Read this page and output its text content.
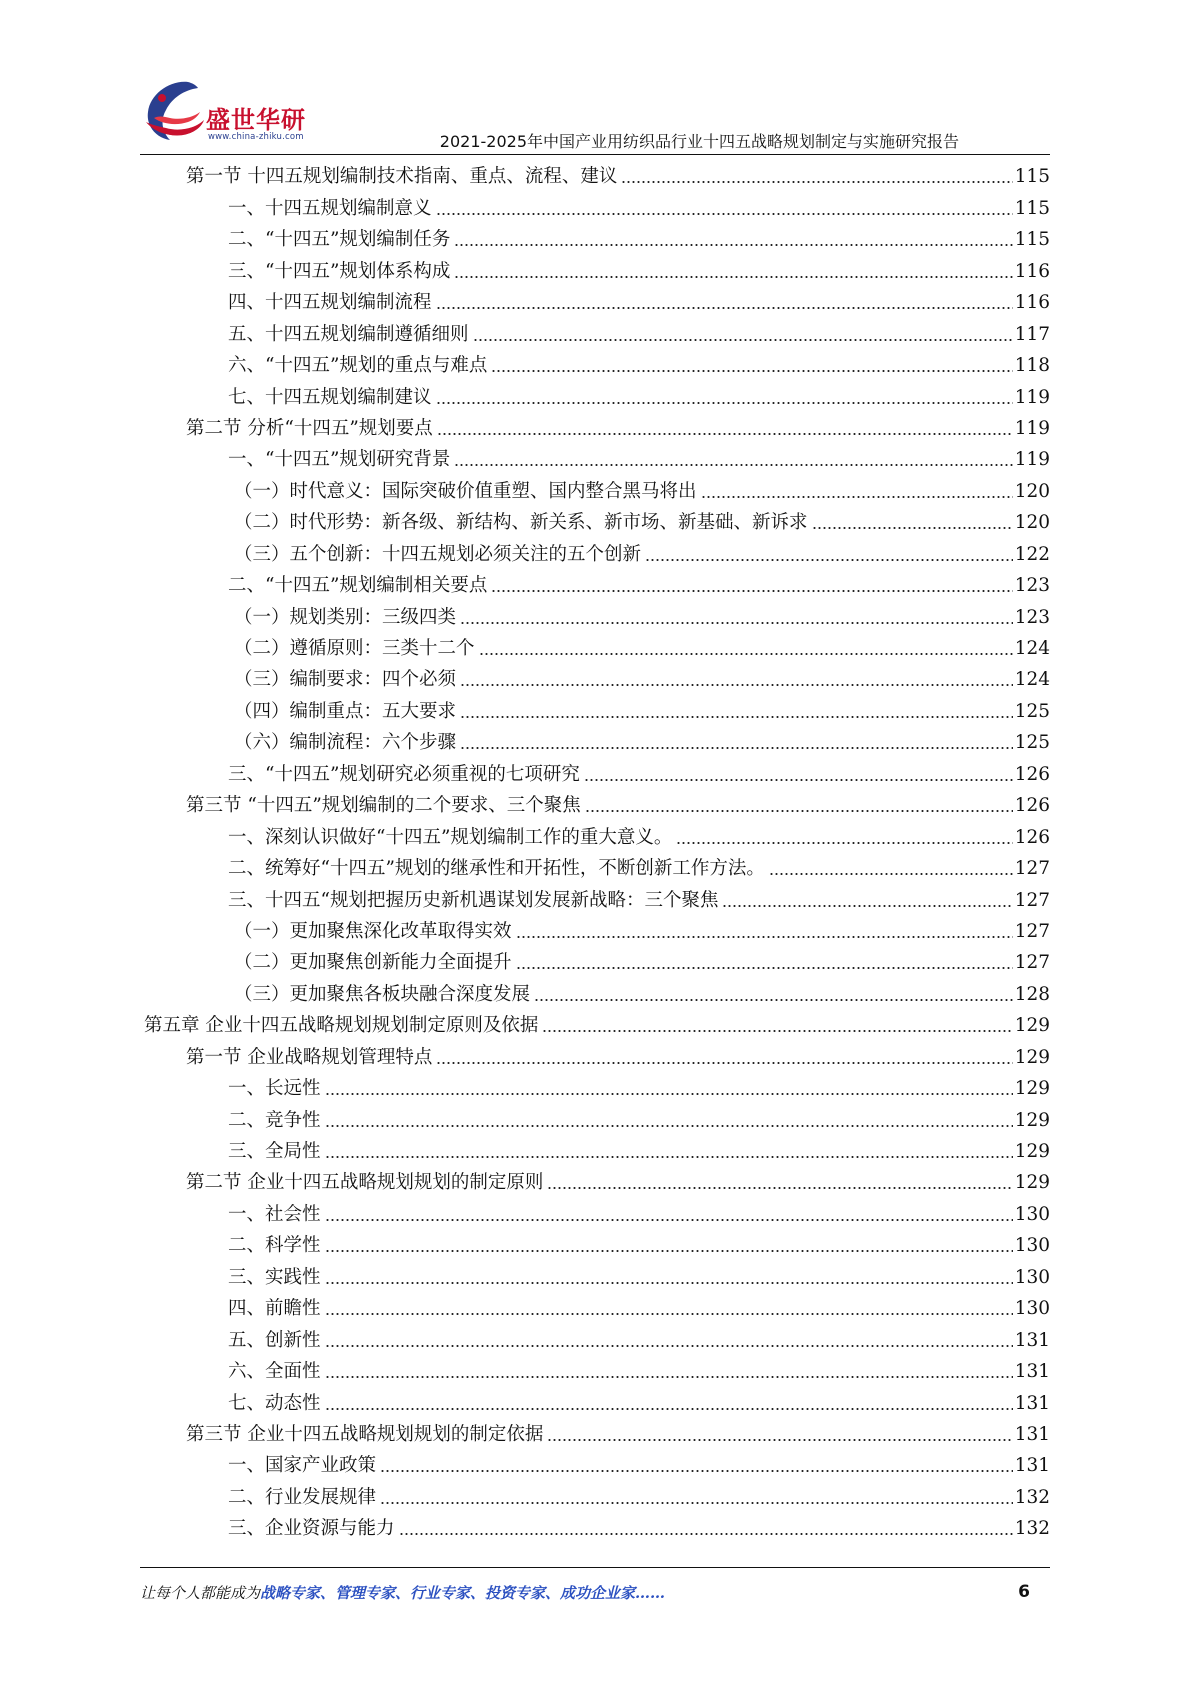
盛世华研
www.china-zhiku.com	2021-2025年中国产业用纺织品行业十四五战略规划制定与实施研究报告
第一节 十四五规划编制技术指南、重点、流程、建议	115
一、十四五规划编制意义	115
二、“十四五”规划编制任务	115
三、“十四五”规划体系构成	116
四、十四五规划编制流程	116
五、十四五规划编制遵循细则	117
六、“十四五”规划的重点与难点	118
七、十四五规划编制建议	119
第二节 分析“十四五”规划要点	119
一、“十四五”规划研究背景	119
（一）时代意义：国际突破价值重塑、国内整合黑马将出	120
（二）时代形势：新各级、新结构、新关系、新市场、新基础、新诉求	120
（三）五个创新：十四五规划必须关注的五个创新	122
二、“十四五”规划编制相关要点	123
（一）规划类别：三级四类	123
（二）遵循原则：三类十二个	124
（三）编制要求：四个必须	124
（四）编制重点：五大要求	125
（六）编制流程：六个步骤	125
三、“十四五”规划研究必须重视的七项研究	126
第三节 “十四五”规划编制的二个要求、三个聚焦	126
一、深刻认识做好“十四五”规划编制工作的重大意义。	126
二、统筹好“十四五”规划的继承性和开拓性，不断创新工作方法。	127
三、十四五“规划把握历史新机遇谋划发展新战略：三个聚焦	127
（一）更加聚焦深化改革取得实效	127
（二）更加聚焦创新能力全面提升	127
（三）更加聚焦各板块融合深度发展	128
第五章 企业十四五战略规划规划制定原则及依据	129
第一节 企业战略规划管理特点	129
一、长远性	129
二、竞争性	129
三、全局性	129
第二节 企业十四五战略规划规划的制定原则	129
一、社会性	130
二、科学性	130
三、实践性	130
四、前瞻性	130
五、创新性	131
六、全面性	131
七、动态性	131
第三节 企业十四五战略规划规划的制定依据	131
一、国家产业政策	131
二、行业发展规律	132
三、企业资源与能力	132
让每个人都能成为战略专家、管理专家、行业专家、投资专家、成功企业家……	6
